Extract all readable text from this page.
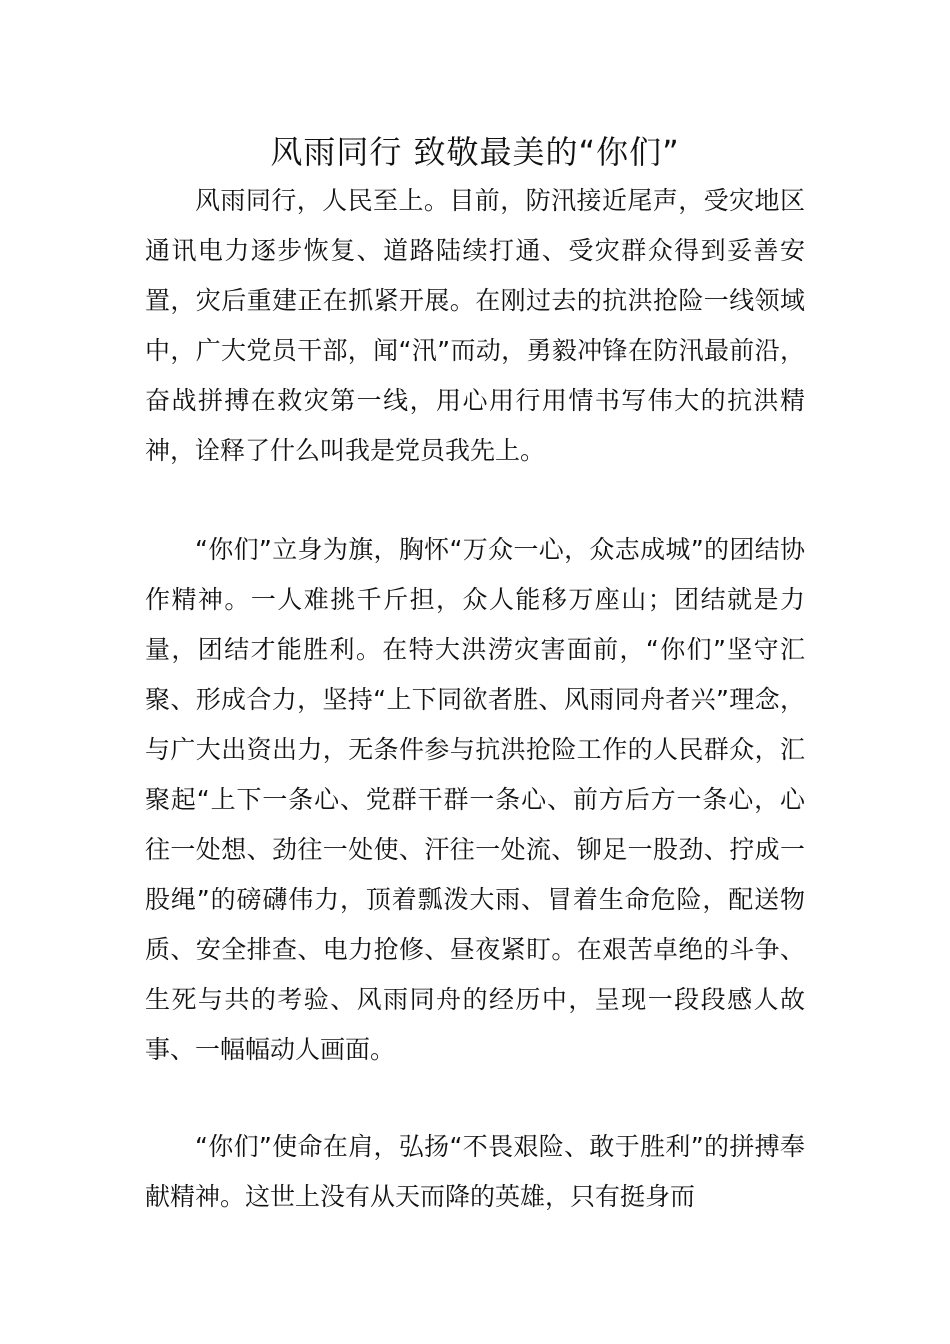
风雨同行 致敬最美的“你们”

风雨同行，人民至上。目前，防汛接近尾声，受灾地区通讯电力逐步恢复、道路陆续打通、受灾群众得到妥善安置，灾后重建正在抓紧开展。在刚过去的抗洪抢险一线领域中，广大党员干部，闻“汛”而动，勇毅冲锋在防汛最前沿，奋战拼搏在救灾第一线，用心用行用情书写伟大的抗洪精神，诠释了什么叫我是党员我先上。

“你们”立身为旗，胸怀“万众一心，众志成城”的团结协作精神。一人难挑千斤担，众人能移万座山；团结就是力量，团结才能胜利。在特大洪涝灾害面前，“你们”坚守汇聚、形成合力，坚持“上下同欲者胜、风雨同舟者兴”理念，与广大出资出力，无条件参与抗洪抢险工作的人民群众，汇聚起“上下一条心、党群干群一条心、前方后方一条心，心往一处想、劲往一处使、汗往一处流、铆足一股劲、拧成一股绳”的磅礴伟力，顶着瓢泼大雨、冒着生命危险，配送物质、安全排查、电力抢修、昼夜紧盯。在艰苦卓绝的斗争、生死与共的考验、风雨同舟的经历中，呈现一段段感人故事、一幅幅动人画面。

“你们”使命在肩，弘扬“不畏艰险、敢于胜利”的拼搏奉献精神。这世上没有从天而降的英雄，只有挺身而
